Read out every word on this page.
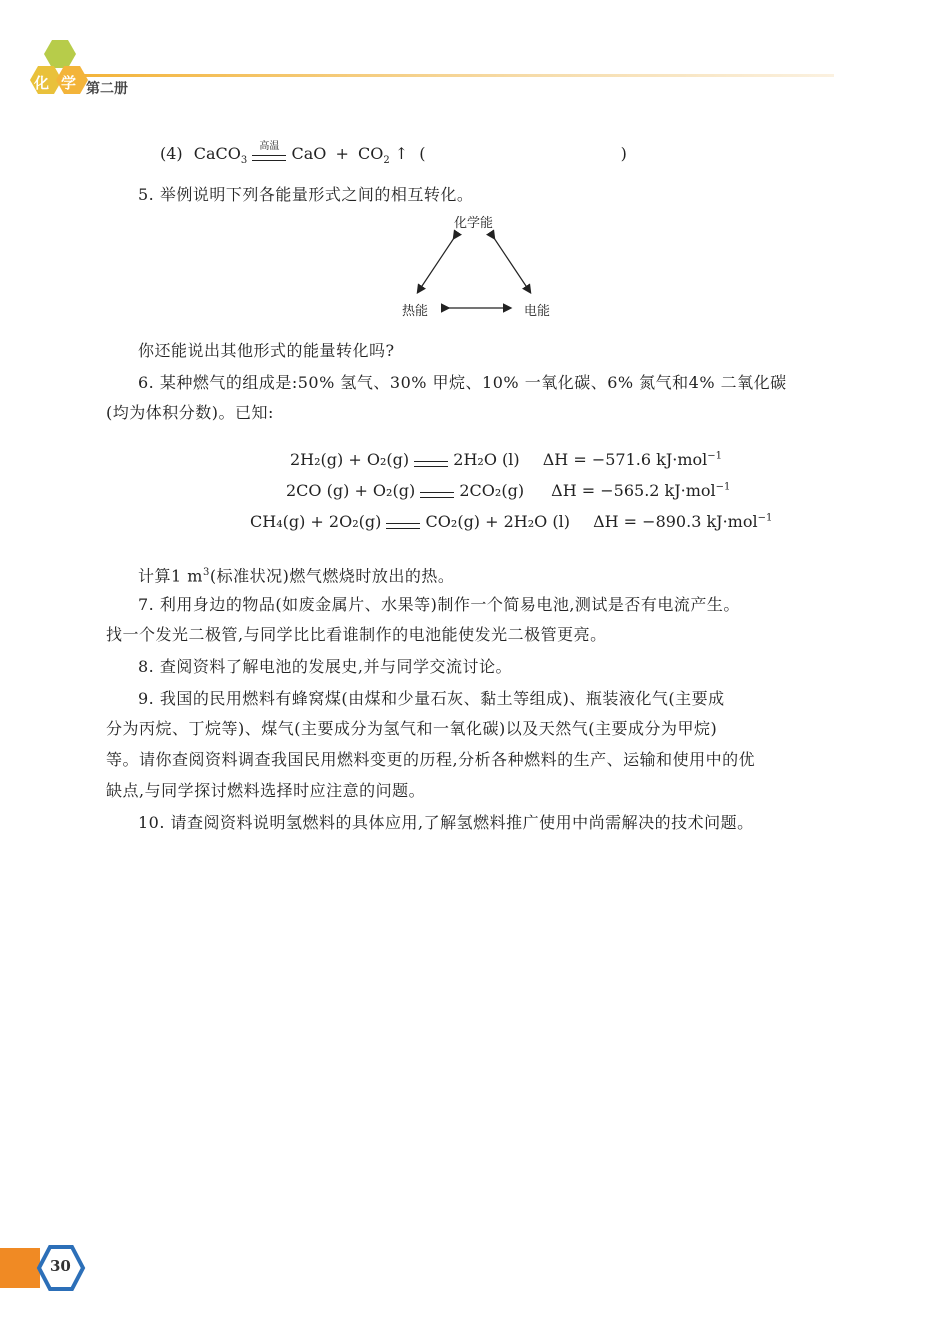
化 学 第二册
(4) CaCO$_3$
高温 CaO + $CO_2$ ↑ (	)
5. 举例说明下列各能量形式之间的相互转化。
化学能
热能	电能
你还能说出其他形式的能量转化吗?
6. 某种燃气的组成是:50% 氢气、30% 甲烷、10% 一氧化碳、6% 氮气和4% 二氧化碳
(均为体积分数)。已知:
2H₂(g) + O₂(g)	2H₂O (l) ΔH = −571.6 kJ·mol$^{-1}$
2CO (g) + O₂(g)	2CO₂(g) ΔH = −565.2 kJ·mol$^{-1}$
CH₄(g) + 2O₂(g)	CO₂(g) + 2H₂O (l) ΔH = −890.3 kJ·mol$^{-1}$
计算1 $m^3$(标准状况)燃气燃烧时放出的热。
7. 利用身边的物品(如废金属片、水果等)制作一个简易电池,测试是否有电流产生。
找一个发光二极管,与同学比比看谁制作的电池能使发光二极管更亮。
8. 查阅资料了解电池的发展史,并与同学交流讨论。
9. 我国的民用燃料有蜂窝煤(由煤和少量石灰、黏土等组成)、瓶装液化气(主要成
分为丙烷、丁烷等)、煤气(主要成分为氢气和一氧化碳)以及天然气(主要成分为甲烷)
等。请你查阅资料调查我国民用燃料变更的历程,分析各种燃料的生产、运输和使用中的优
缺点,与同学探讨燃料选择时应注意的问题。
10. 请查阅资料说明氢燃料的具体应用,了解氢燃料推广使用中尚需解决的技术问题。
30
